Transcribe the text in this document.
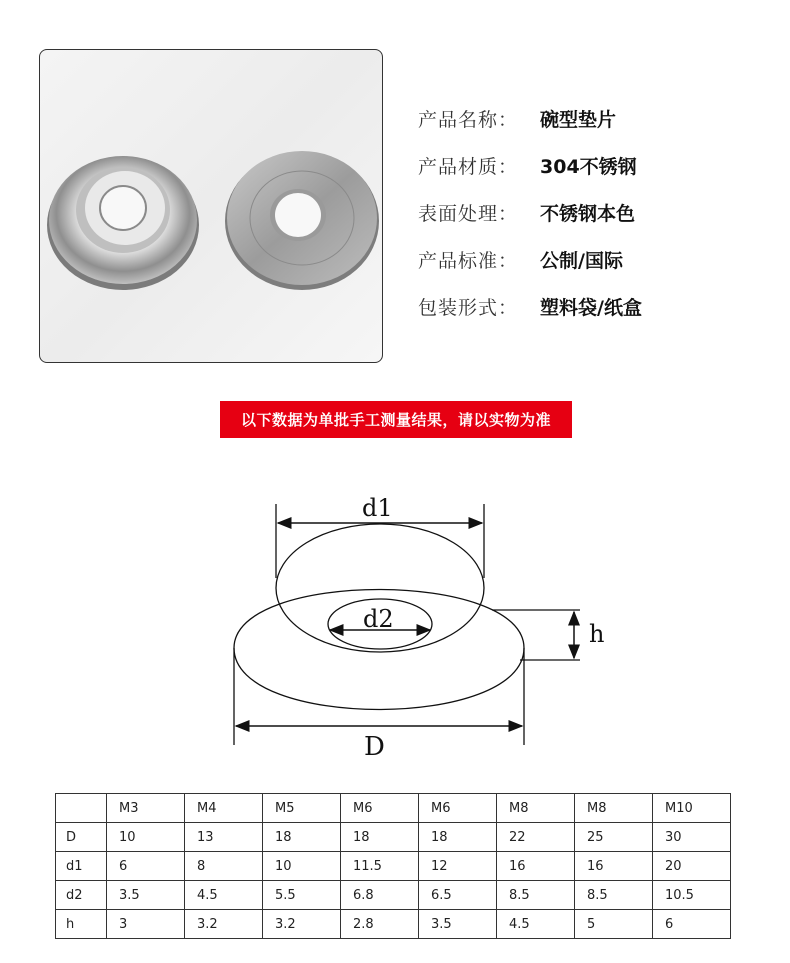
产品名称：	碗型垫片
产品材质：	304不锈钢
表面处理：	不锈钢本色
产品标准：	公制/国际
包装形式：	塑料袋/纸盒
以下数据为单批手工测量结果，请以实物为准
d1
d2
h
D
	M3	M4	M5	M6	M6	M8	M8	M10
D	10	13	18	18	18	22	25	30
d1	6	8	10	11.5	12	16	16	20
d2	3.5	4.5	5.5	6.8	6.5	8.5	8.5	10.5
h	3	3.2	3.2	2.8	3.5	4.5	5	6
